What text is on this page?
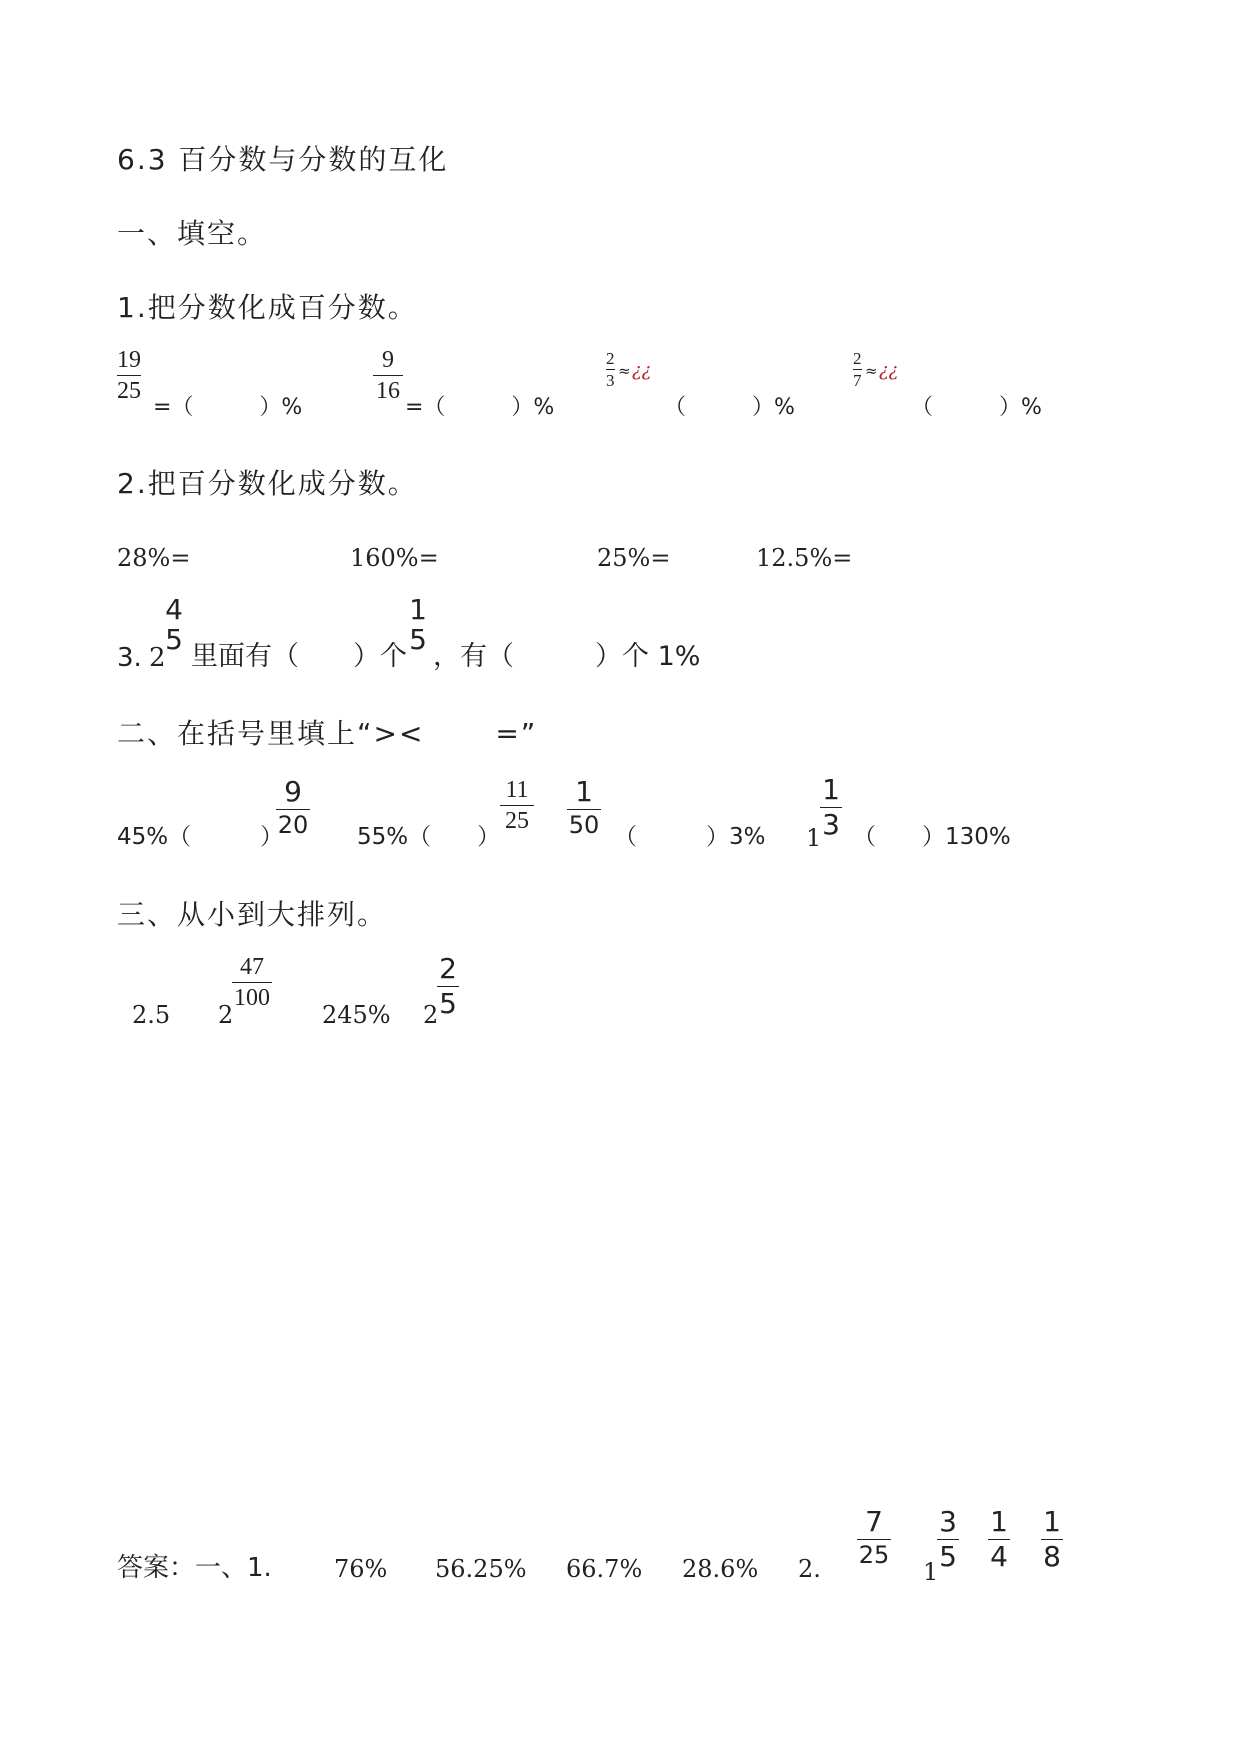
6.3 百分数与分数的互化
一、填空。
1.把分数化成百分数。
19
25
=（　　　）%
9
16
=（　　　）%
2
3 ≈ ¿¿
（　　　）%
2
7 ≈ ¿¿
（　　　）%
2.把百分数化成分数。
28%=	160%=	25%=	12.5%=
3. 2
4
5
里面有（　　）个
1
5
，有（　　　）个 1%
二、在括号里填上“>< 　　=”
45%（　　　）
9
20 55%（　　）
11
25
1
50 （　　　）3% 1
1
3 （　　）130%
三、从小到大排列。
2.5 2
47
100
245% 2
2
5
答案：一、1.	76% 56.25% 66.7% 28.6% 2.
7
25
1
3
5
1
4
1
8
